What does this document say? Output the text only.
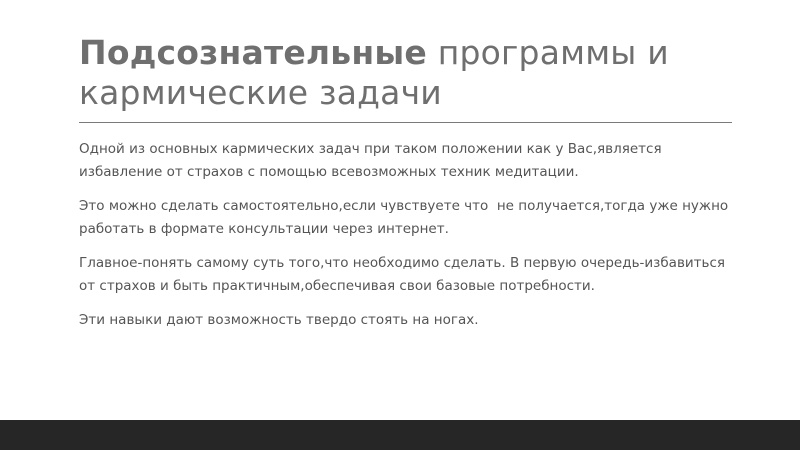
Подсознательные программы и кармические задачи

Одной из основных кармических задач при таком положении как у Вас,является избавление от страхов с помощью всевозможных техник медитации.

Это можно сделать самостоятельно,если чувствуете что  не получается,тогда уже нужно работать в формате консультации через интернет.

Главное-понять самому суть того,что необходимо сделать. В первую очередь-избавиться от страхов и быть практичным,обеспечивая свои базовые потребности.

Эти навыки дают возможность твердо стоять на ногах.
